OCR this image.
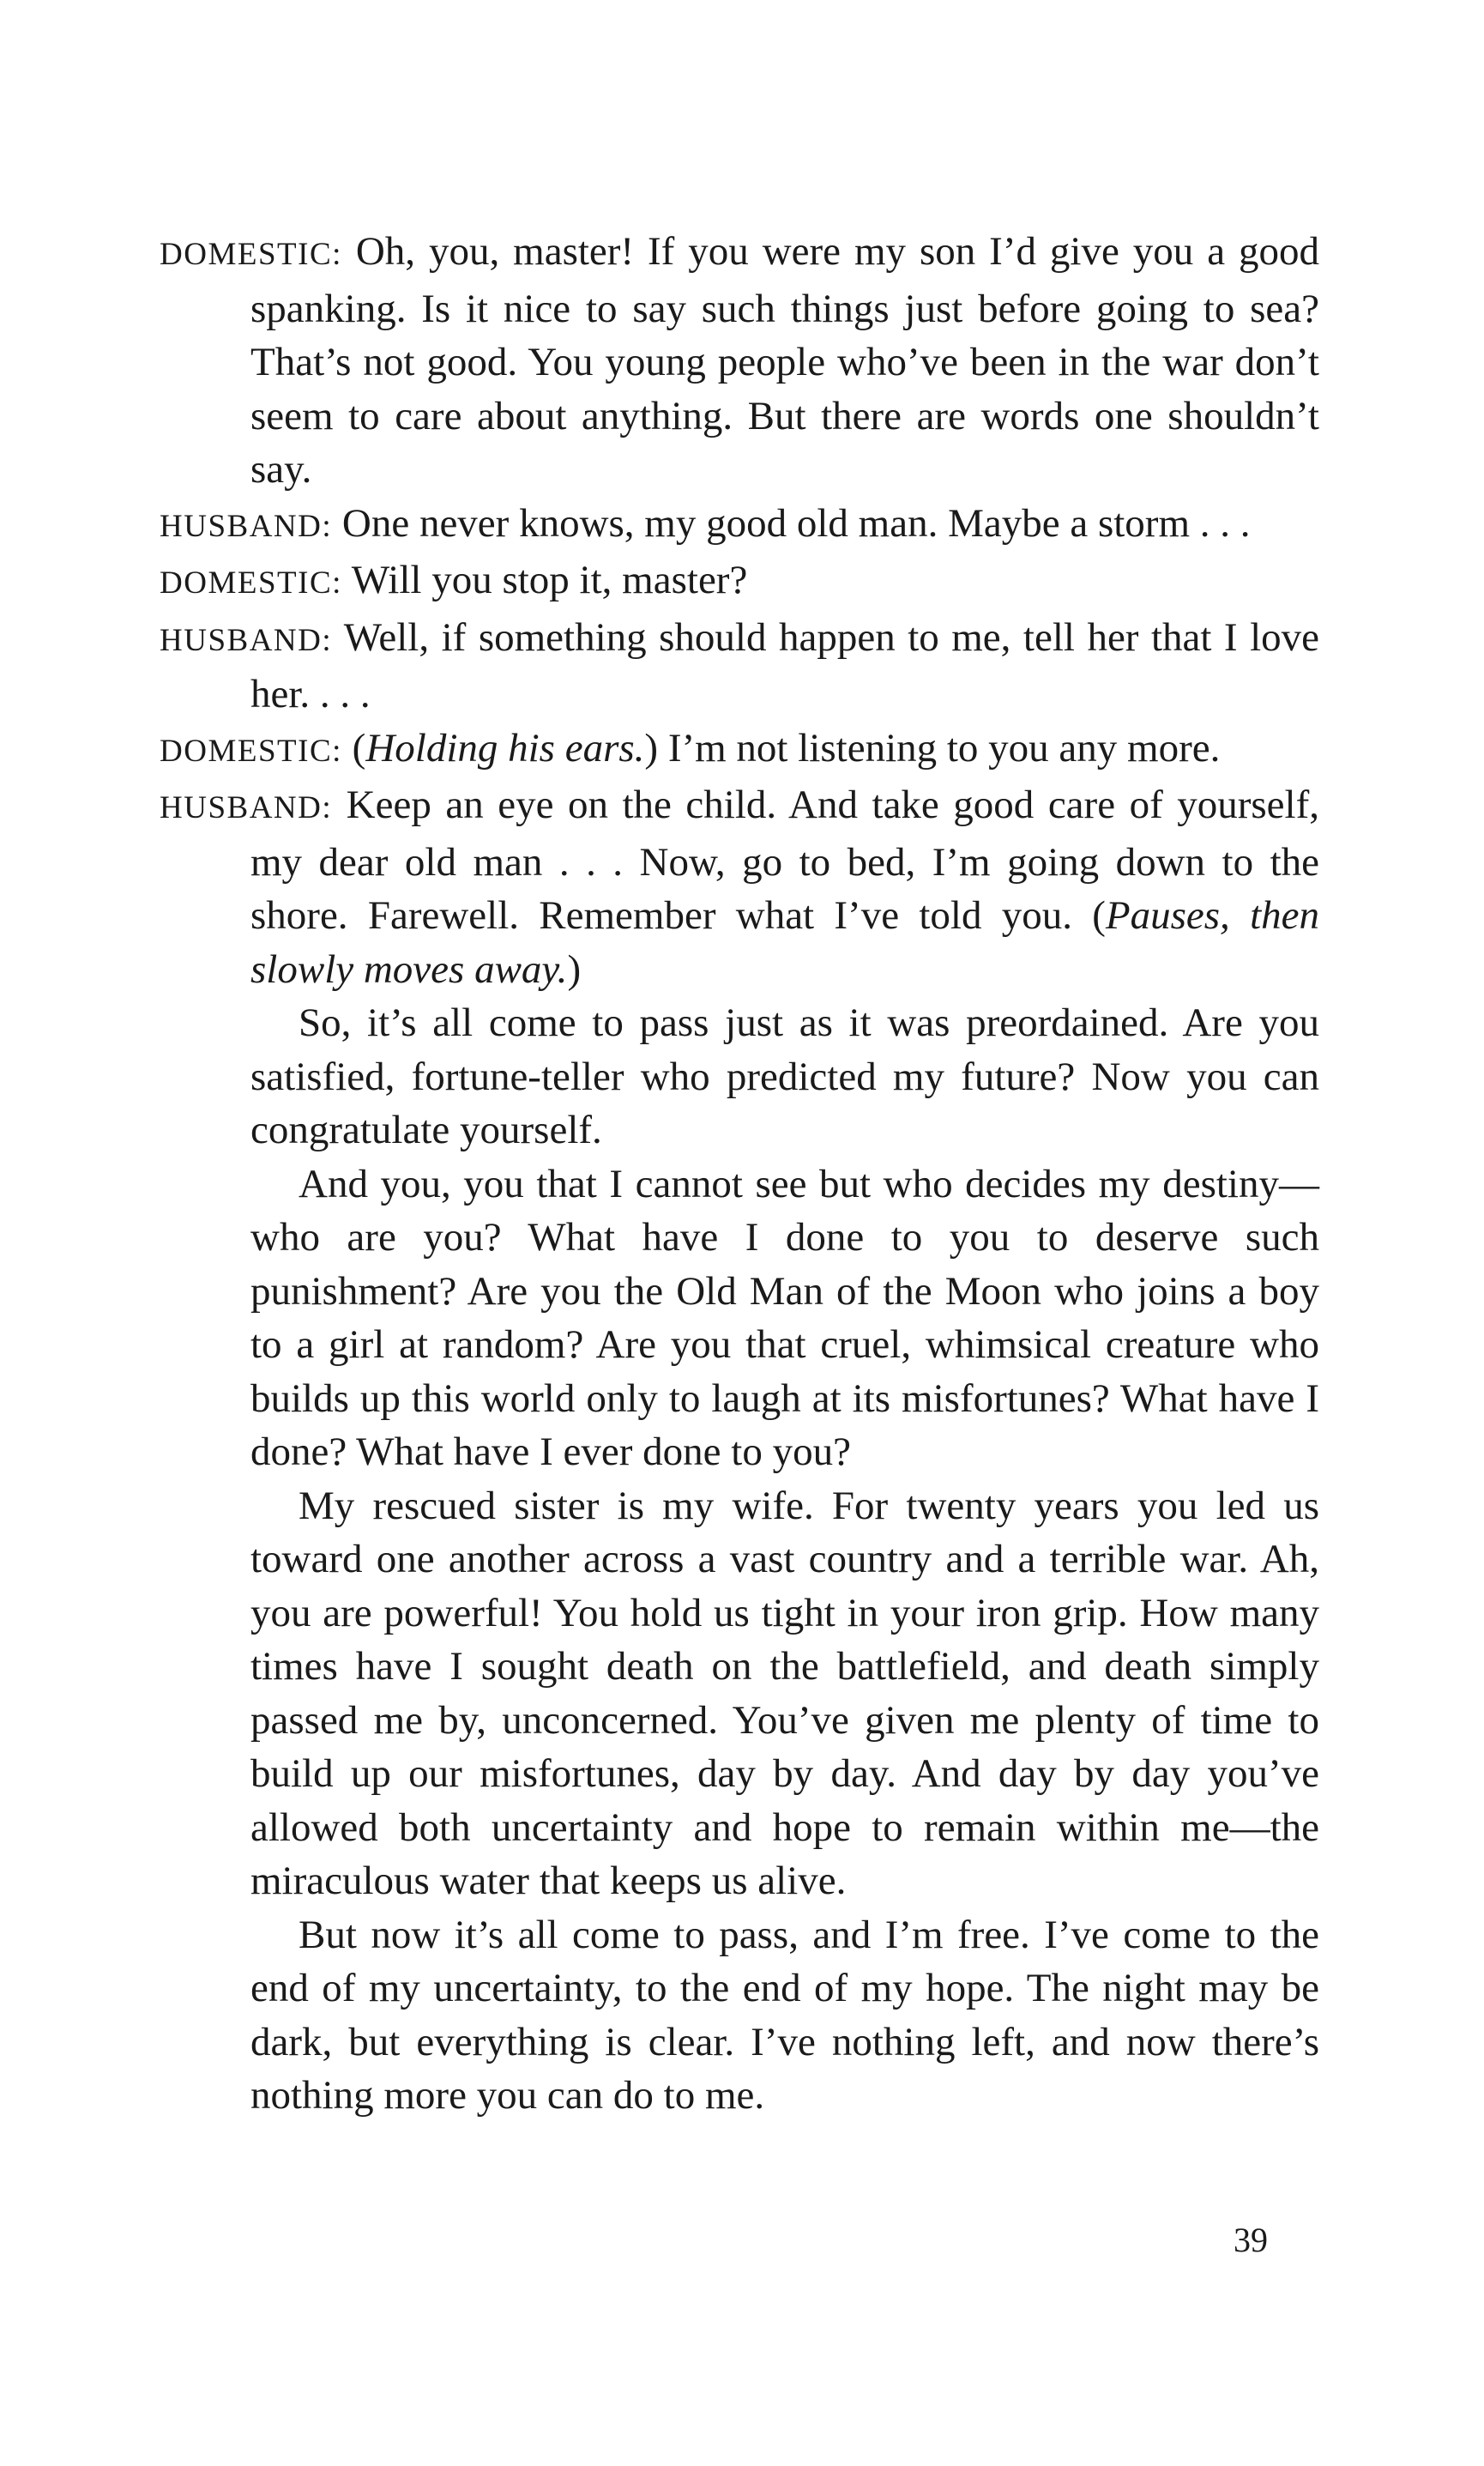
DOMESTIC: Oh, you, master! If you were my son I’d give you a good spanking. Is it nice to say such things just before going to sea? That’s not good. You young people who’ve been in the war don’t seem to care about anything. But there are words one shouldn’t say.

HUSBAND: One never knows, my good old man. Maybe a storm . . .

DOMESTIC: Will you stop it, master?

HUSBAND: Well, if something should happen to me, tell her that I love her. . . .

DOMESTIC: (Holding his ears.) I’m not listening to you any more.

HUSBAND: Keep an eye on the child. And take good care of yourself, my dear old man . . . Now, go to bed, I’m going down to the shore. Farewell. Remember what I’ve told you. (Pauses, then slowly moves away.)

So, it’s all come to pass just as it was preordained. Are you satisfied, fortune-teller who predicted my future? Now you can congratulate yourself.

And you, you that I cannot see but who decides my destiny—who are you? What have I done to you to deserve such punishment? Are you the Old Man of the Moon who joins a boy to a girl at random? Are you that cruel, whimsical creature who builds up this world only to laugh at its misfortunes? What have I done? What have I ever done to you?

My rescued sister is my wife. For twenty years you led us toward one another across a vast country and a terrible war. Ah, you are powerful! You hold us tight in your iron grip. How many times have I sought death on the battlefield, and death simply passed me by, unconcerned. You’ve given me plenty of time to build up our misfortunes, day by day. And day by day you’ve allowed both uncertainty and hope to remain within me—the miraculous water that keeps us alive.

But now it’s all come to pass, and I’m free. I’ve come to the end of my uncertainty, to the end of my hope. The night may be dark, but everything is clear. I’ve nothing left, and now there’s nothing more you can do to me.

39
